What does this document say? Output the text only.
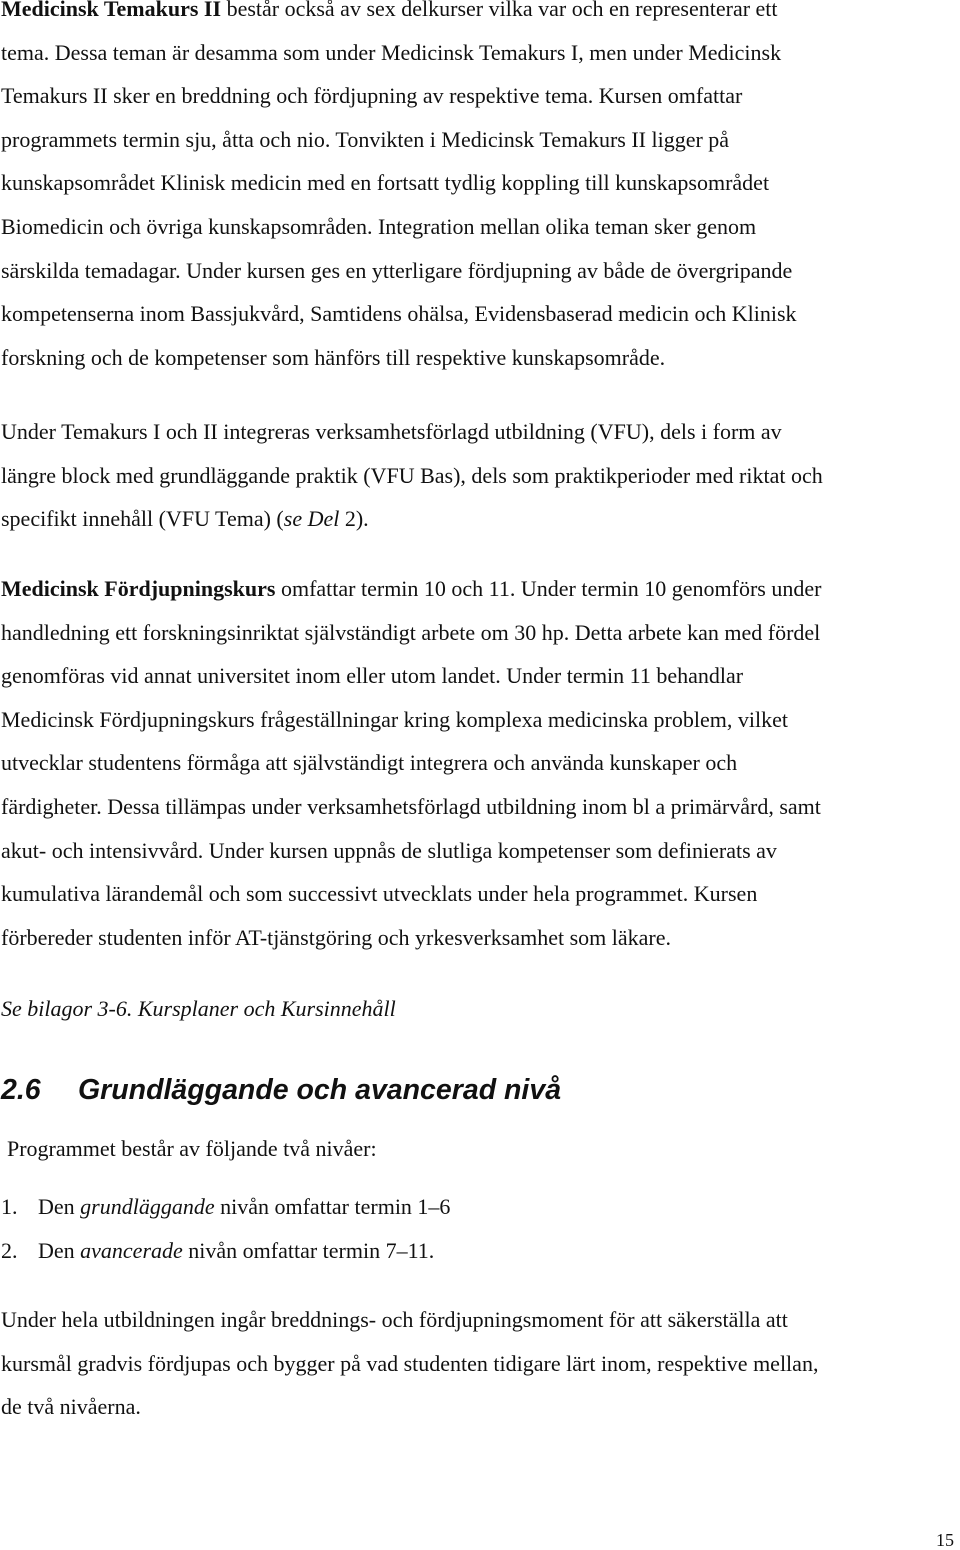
Medicinsk Temakurs II består också av sex delkurser vilka var och en representerar ett
tema. Dessa teman är desamma som under Medicinsk Temakurs I, men under Medicinsk
Temakurs II sker en breddning och fördjupning av respektive tema. Kursen omfattar
programmets termin sju, åtta och nio. Tonvikten i Medicinsk Temakurs II ligger på
kunskapsområdet Klinisk medicin med en fortsatt tydlig koppling till kunskapsområdet
Biomedicin och övriga kunskapsområden. Integration mellan olika teman sker genom
särskilda temadagar. Under kursen ges en ytterligare fördjupning av både de övergripande
kompetenserna inom Bassjukvård, Samtidens ohälsa, Evidensbaserad medicin och Klinisk
forskning och de kompetenser som hänförs till respektive kunskapsområde.

Under Temakurs I och II integreras verksamhetsförlagd utbildning (VFU), dels i form av
längre block med grundläggande praktik (VFU Bas), dels som praktikperioder med riktat och
specifikt innehåll (VFU Tema) (se Del 2).

Medicinsk Fördjupningskurs omfattar termin 10 och 11. Under termin 10 genomförs under
handledning ett forskningsinriktat självständigt arbete om 30 hp. Detta arbete kan med fördel
genomföras vid annat universitet inom eller utom landet. Under termin 11 behandlar
Medicinsk Fördjupningskurs frågeställningar kring komplexa medicinska problem, vilket
utvecklar studentens förmåga att självständigt integrera och använda kunskaper och
färdigheter. Dessa tillämpas under verksamhetsförlagd utbildning inom bl a primärvård, samt
akut- och intensivvård. Under kursen uppnås de slutliga kompetenser som definierats av
kumulativa lärandemål och som successivt utvecklats under hela programmet. Kursen
förbereder studenten inför AT-tjänstgöring och yrkesverksamhet som läkare.

Se bilagor 3-6. Kursplaner och Kursinnehåll

2.6 Grundläggande och avancerad nivå

Programmet består av följande två nivåer:

1. Den grundläggande nivån omfattar termin 1–6
2. Den avancerade nivån omfattar termin 7–11.

Under hela utbildningen ingår breddnings- och fördjupningsmoment för att säkerställa att
kursmål gradvis fördjupas och bygger på vad studenten tidigare lärt inom, respektive mellan,
de två nivåerna.

15
